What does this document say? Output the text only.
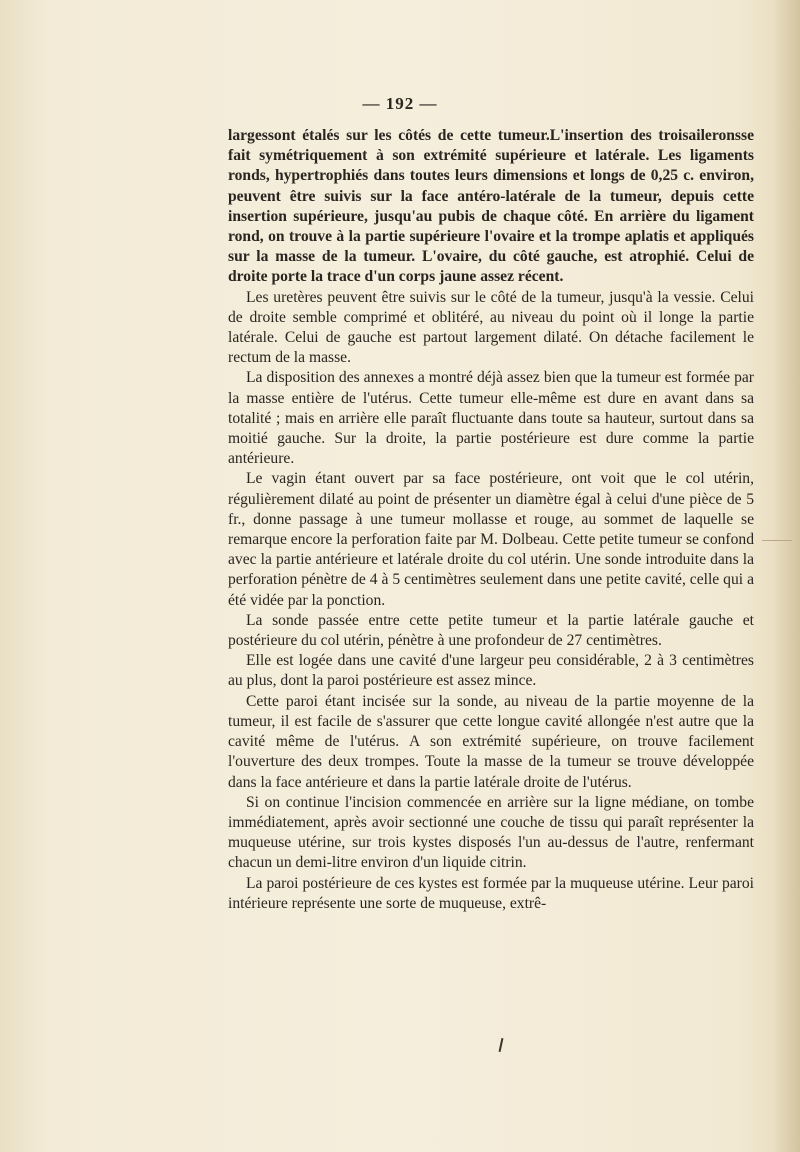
— 192 —

largessont étalés sur les côtés de cette tumeur.L'insertion des troisaileronsse fait symétriquement à son extrémité supérieure et latérale. Les ligaments ronds, hypertrophiés dans toutes leurs dimensions et longs de 0,25 c. environ, peuvent être suivis sur la face antéro-latérale de la tumeur, depuis cette insertion supérieure, jusqu'au pubis de chaque côté. En arrière du ligament rond, on trouve à la partie supérieure l'ovaire et la trompe aplatis et appliqués sur la masse de la tumeur. L'ovaire, du côté gauche, est atrophié. Celui de droite porte la trace d'un corps jaune assez récent.

Les uretères peuvent être suivis sur le côté de la tumeur, jusqu'à la vessie. Celui de droite semble comprimé et oblitéré, au niveau du point où il longe la partie latérale. Celui de gauche est partout largement dilaté. On détache facilement le rectum de la masse.

La disposition des annexes a montré déjà assez bien que la tumeur est formée par la masse entière de l'utérus. Cette tumeur elle-même est dure en avant dans sa totalité ; mais en arrière elle paraît fluctuante dans toute sa hauteur, surtout dans sa moitié gauche. Sur la droite, la partie postérieure est dure comme la partie antérieure.

Le vagin étant ouvert par sa face postérieure, ont voit que le col utérin, régulièrement dilaté au point de présenter un diamètre égal à celui d'une pièce de 5 fr., donne passage à une tumeur mollasse et rouge, au sommet de laquelle se remarque encore la perforation faite par M. Dolbeau. Cette petite tumeur se confond avec la partie antérieure et latérale droite du col utérin. Une sonde introduite dans la perforation pénètre de 4 à 5 centimètres seulement dans une petite cavité, celle qui a été vidée par la ponction.

La sonde passée entre cette petite tumeur et la partie latérale gauche et postérieure du col utérin, pénètre à une profondeur de 27 centimètres.

Elle est logée dans une cavité d'une largeur peu considérable, 2 à 3 centimètres au plus, dont la paroi postérieure est assez mince.

Cette paroi étant incisée sur la sonde, au niveau de la partie moyenne de la tumeur, il est facile de s'assurer que cette longue cavité allongée n'est autre que la cavité même de l'utérus. A son extrémité supérieure, on trouve facilement l'ouverture des deux trompes. Toute la masse de la tumeur se trouve développée dans la face antérieure et dans la partie latérale droite de l'utérus.

Si on continue l'incision commencée en arrière sur la ligne médiane, on tombe immédiatement, après avoir sectionné une couche de tissu qui paraît représenter la muqueuse utérine, sur trois kystes disposés l'un au-dessus de l'autre, renfermant chacun un demi-litre environ d'un liquide citrin.

La paroi postérieure de ces kystes est formée par la muqueuse utérine. Leur paroi intérieure représente une sorte de muqueuse, extrê-
